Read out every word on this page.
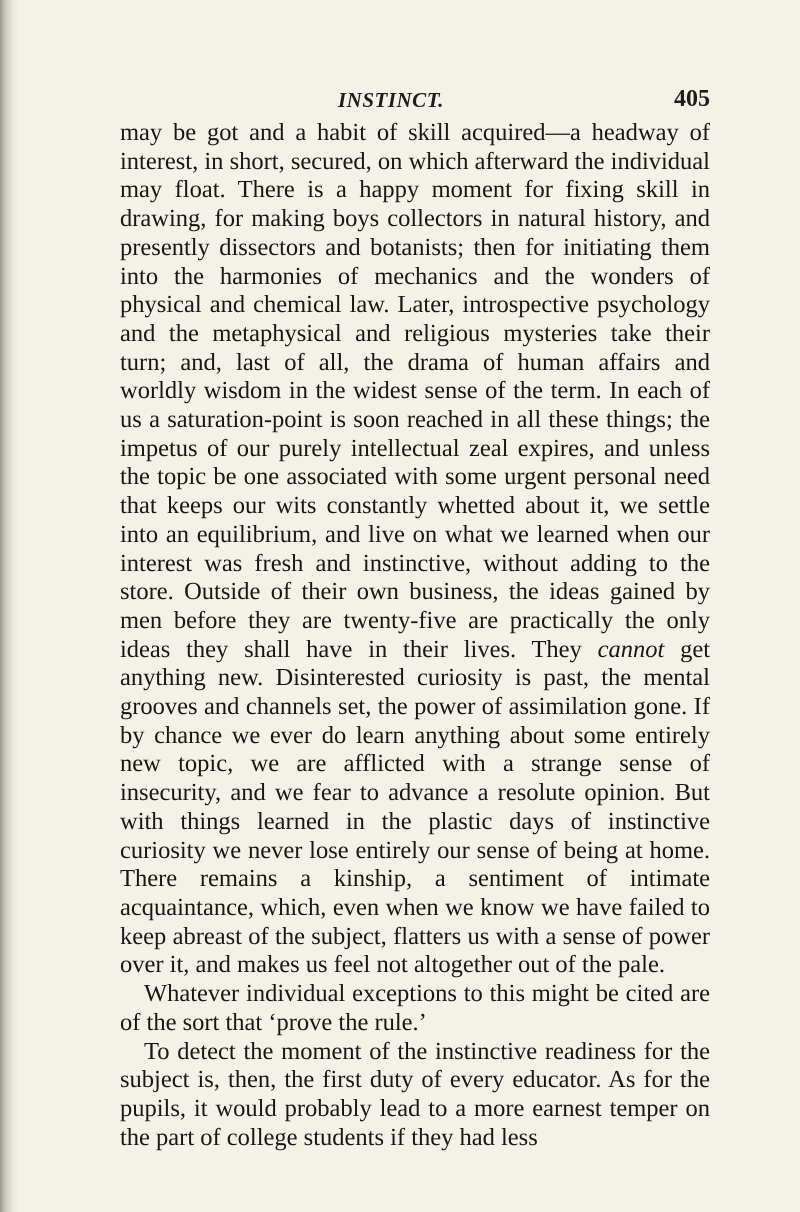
INSTINCT.	405

may be got and a habit of skill acquired—a headway of interest, in short, secured, on which afterward the individual may float. There is a happy moment for fixing skill in drawing, for making boys collectors in natural history, and presently dissectors and botanists; then for initiating them into the harmonies of mechanics and the wonders of physical and chemical law. Later, introspective psychology and the metaphysical and religious mysteries take their turn; and, last of all, the drama of human affairs and worldly wisdom in the widest sense of the term. In each of us a saturation-point is soon reached in all these things; the impetus of our purely intellectual zeal expires, and unless the topic be one associated with some urgent personal need that keeps our wits constantly whetted about it, we settle into an equilibrium, and live on what we learned when our interest was fresh and instinctive, without adding to the store. Outside of their own business, the ideas gained by men before they are twenty-five are practically the only ideas they shall have in their lives. They cannot get anything new. Disinterested curiosity is past, the mental grooves and channels set, the power of assimilation gone. If by chance we ever do learn anything about some entirely new topic, we are afflicted with a strange sense of insecurity, and we fear to advance a resolute opinion. But with things learned in the plastic days of instinctive curiosity we never lose entirely our sense of being at home. There remains a kinship, a sentiment of intimate acquaintance, which, even when we know we have failed to keep abreast of the subject, flatters us with a sense of power over it, and makes us feel not altogether out of the pale.

Whatever individual exceptions to this might be cited are of the sort that ‘prove the rule.’

To detect the moment of the instinctive readiness for the subject is, then, the first duty of every educator. As for the pupils, it would probably lead to a more earnest temper on the part of college students if they had less
